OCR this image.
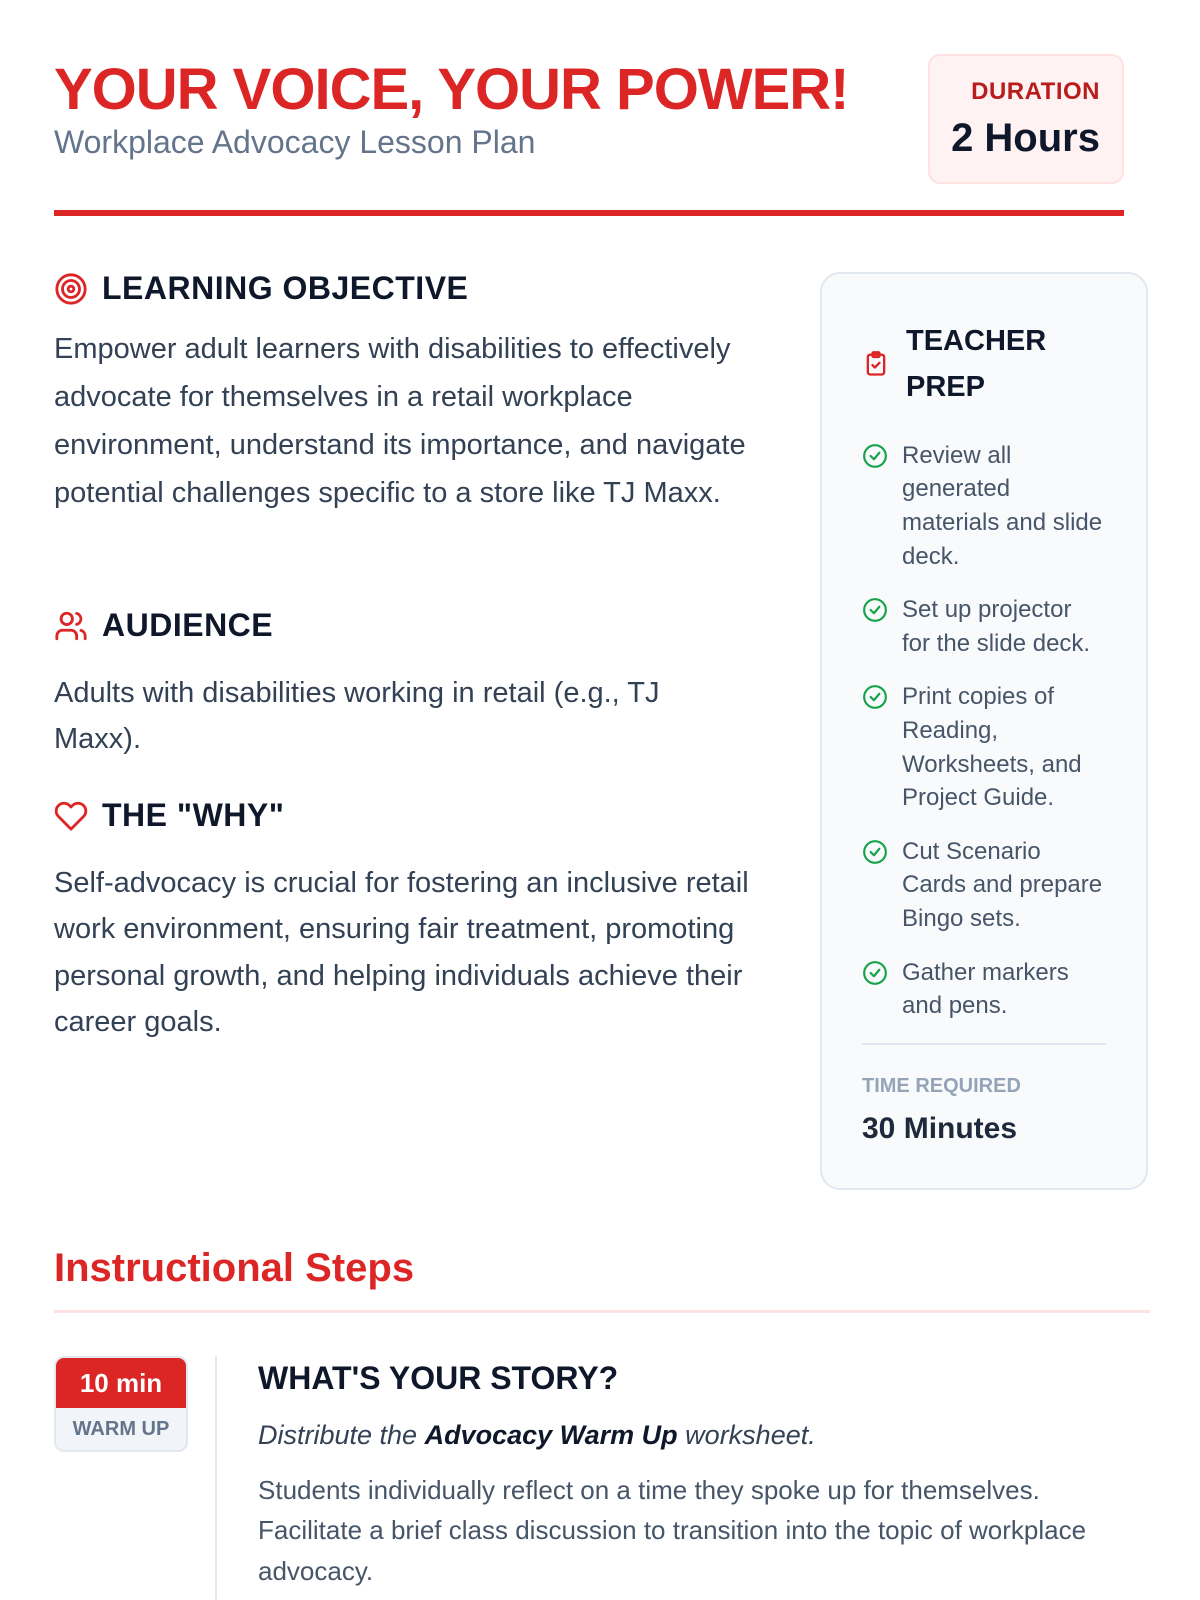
YOUR VOICE, YOUR POWER!
Workplace Advocacy Lesson Plan
DURATION
2 Hours
LEARNING OBJECTIVE

Empower adult learners with disabilities to effectively advocate for themselves in a retail workplace environment, understand its importance, and navigate potential challenges specific to a store like TJ Maxx.

AUDIENCE

Adults with disabilities working in retail (e.g., TJ Maxx).

THE "WHY"

Self-advocacy is crucial for fostering an inclusive retail work environment, ensuring fair treatment, promoting personal growth, and helping individuals achieve their career goals.

TEACHER PREP
Review all generated materials and slide deck.
Set up projector for the slide deck.
Print copies of Reading, Worksheets, and Project Guide.
Cut Scenario Cards and prepare Bingo sets.
Gather markers and pens.
TIME REQUIRED
30 Minutes
Instructional Steps
10 min
WARM UP
WHAT'S YOUR STORY?
Distribute the Advocacy Warm Up worksheet.

Students individually reflect on a time they spoke up for themselves. Facilitate a brief class discussion to transition into the topic of workplace advocacy.
